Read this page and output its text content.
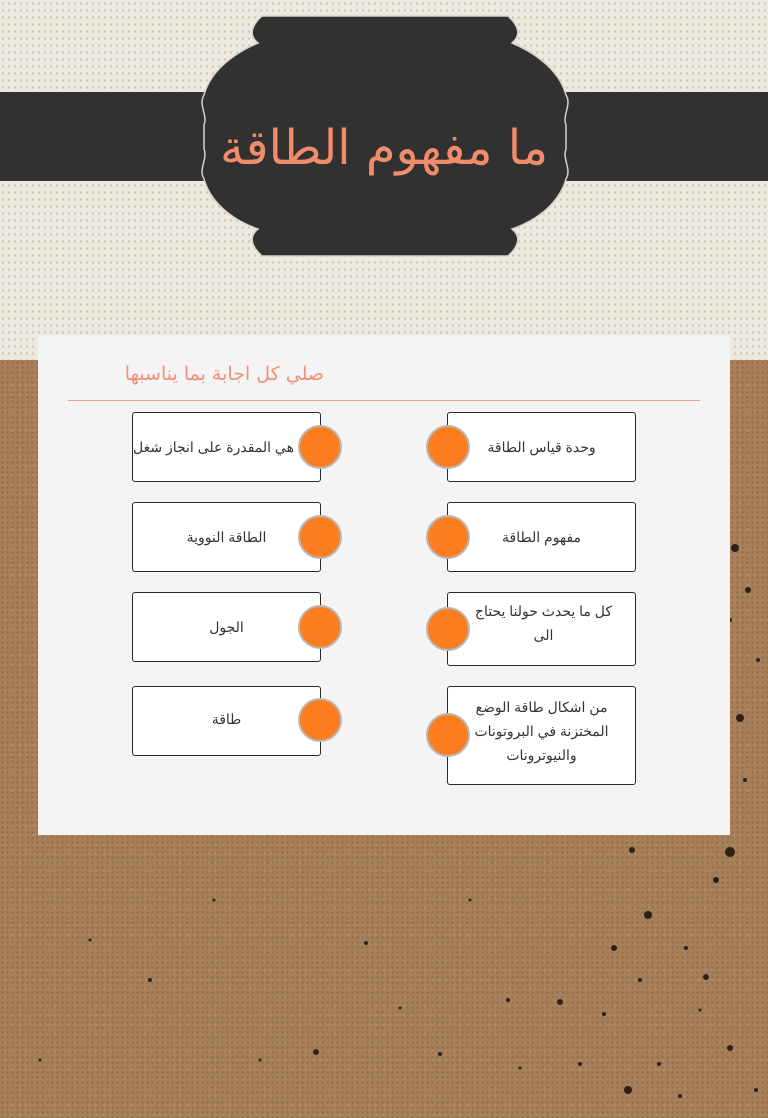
ما مفهوم الطاقة
صلي كل اجابة بما يناسبها
هي المقدرة على انجاز شغل
الطاقة النووية
الجول
طاقة
وحدة قياس الطاقة
مفهوم الطاقة
كل ما يحدث حولنا يحتاج الى
من اشكال طاقة الوضع المختزنة في البروتونات والنيوترونات
